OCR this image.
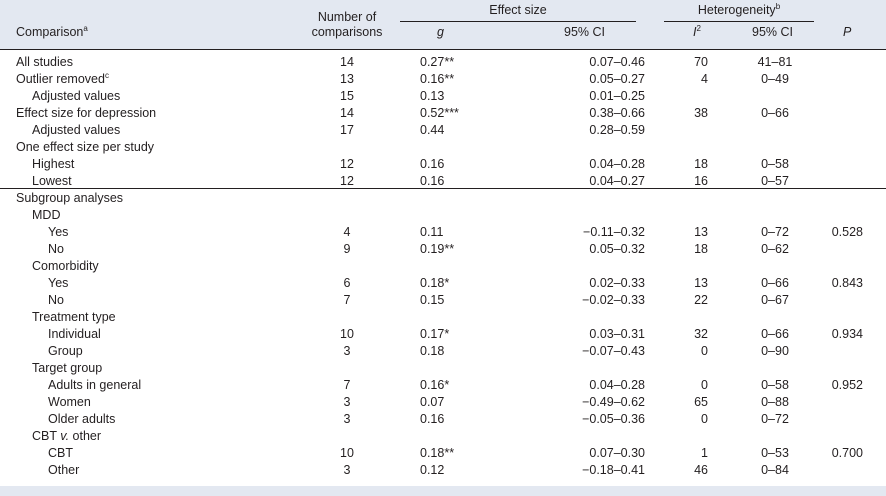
Comparison$^a$
Number of
comparisons
Effect size
g	95% CI
Heterogeneity$^b$
$I^2$	95% CI	P
All studies	14	0.27**	0.07–0.46	70	41–81
Outlier removed$^c$	13	0.16**	0.05–0.27	4	0–49
Adjusted values	15	0.13	0.01–0.25
Effect size for depression	14	0.52***	0.38–0.66	38	0–66
Adjusted values	17	0.44	0.28–0.59
One effect size per study
Highest	12	0.16	0.04–0.28	18	0–58
Lowest	12	0.16	0.04–0.27	16	0–57
Subgroup analyses
MDD
Yes	4	0.11	−0.11–0.32	13	0–72	0.528
No	9	0.19**	0.05–0.32	18	0–62
Comorbidity
Yes	6	0.18*	0.02–0.33	13	0–66	0.843
No	7	0.15	−0.02–0.33	22	0–67
Treatment type
Individual	10	0.17*	0.03–0.31	32	0–66	0.934
Group	3	0.18	−0.07–0.43	0	0–90
Target group
Adults in general	7	0.16*	0.04–0.28	0	0–58	0.952
Women	3	0.07	−0.49–0.62	65	0–88
Older adults	3	0.16	−0.05–0.36	0	0–72
CBT v. other
CBT	10	0.18**	0.07–0.30	1	0–53	0.700
Other	3	0.12	−0.18–0.41	46	0–84
